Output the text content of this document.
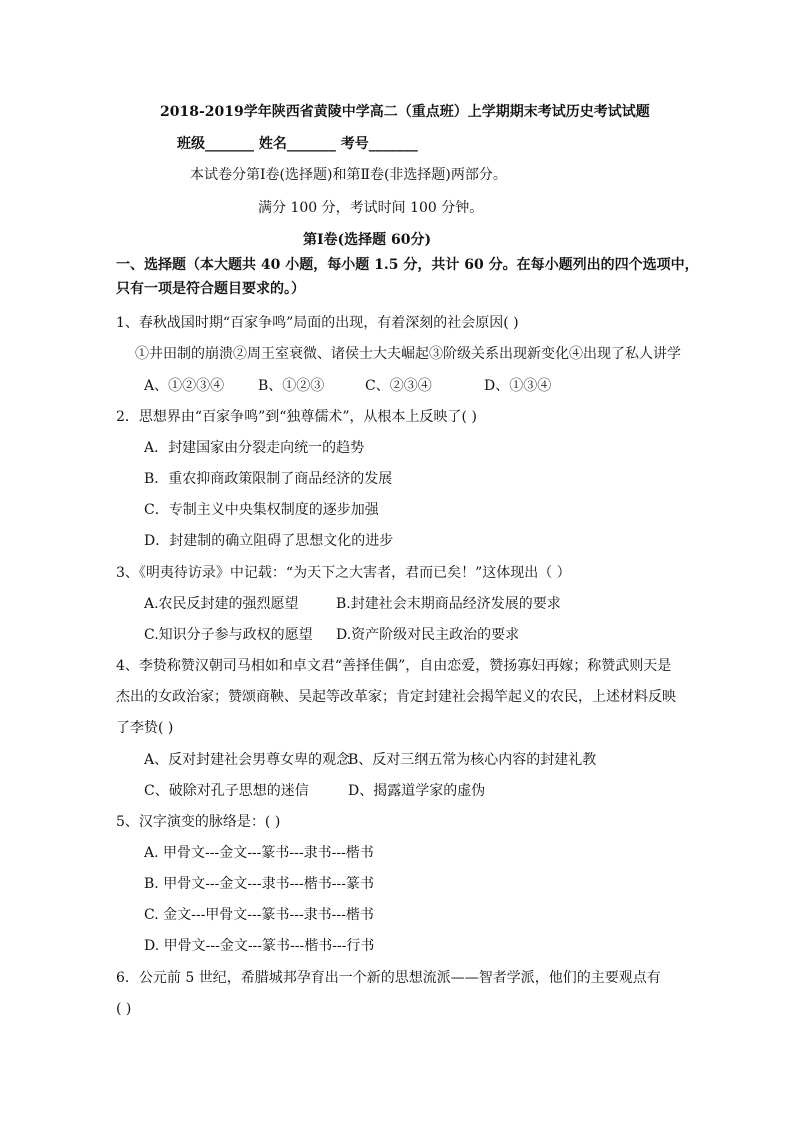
2018-2019学年陕西省黄陵中学高二（重点班）上学期期末考试历史考试试题
班级_______ 姓名_______ 考号_______
本试卷分第Ⅰ卷(选择题)和第Ⅱ卷(非选择题)两部分。
满分 100 分，考试时间 100 分钟。
第Ⅰ卷(选择题 60分)
一、选择题（本大题共 40 小题，每小题 1.5 分，共计 60 分。在每小题列出的四个选项中，
只有一项是符合题目要求的。）
1、春秋战国时期“百家争鸣”局面的出现，有着深刻的社会原因( )
①井田制的崩溃②周王室衰微、诸侯士大夫崛起③阶级关系出现新变化④出现了私人讲学
A、①②③④ B、①②③	C、②③④	D、①③④
2．思想界由“百家争鸣”到“独尊儒术”，从根本上反映了( )
A．封建国家由分裂走向统一的趋势
B．重农抑商政策限制了商品经济的发展
C．专制主义中央集权制度的逐步加强
D．封建制的确立阻碍了思想文化的进步
3、《明夷待访录》中记载：“为天下之大害者，君而已矣！”这体现出（ ）
A.农民反封建的强烈愿望	B.封建社会末期商品经济发展的要求
C.知识分子参与政权的愿望 D.资产阶级对民主政治的要求
4、李贽称赞汉朝司马相如和卓文君“善择佳偶”，自由恋爱，赞扬寡妇再嫁；称赞武则天是
杰出的女政治家；赞颂商鞅、吴起等改革家；肯定封建社会揭竿起义的农民，上述材料反映
了李贽( )
A、反对封建社会男尊女卑的观念
B、反对三纲五常为核心内容的封建礼教
C、破除对孔子思想的迷信	D、揭露道学家的虚伪
5、汉字演变的脉络是：( )
A. 甲骨文---金文---篆书---隶书---楷书
B. 甲骨文---金文---隶书---楷书---篆书
C. 金文---甲骨文---篆书---隶书---楷书
D. 甲骨文---金文---篆书---楷书---行书
6．公元前 5 世纪，希腊城邦孕育出一个新的思想流派——智者学派，他们的主要观点有
( )
